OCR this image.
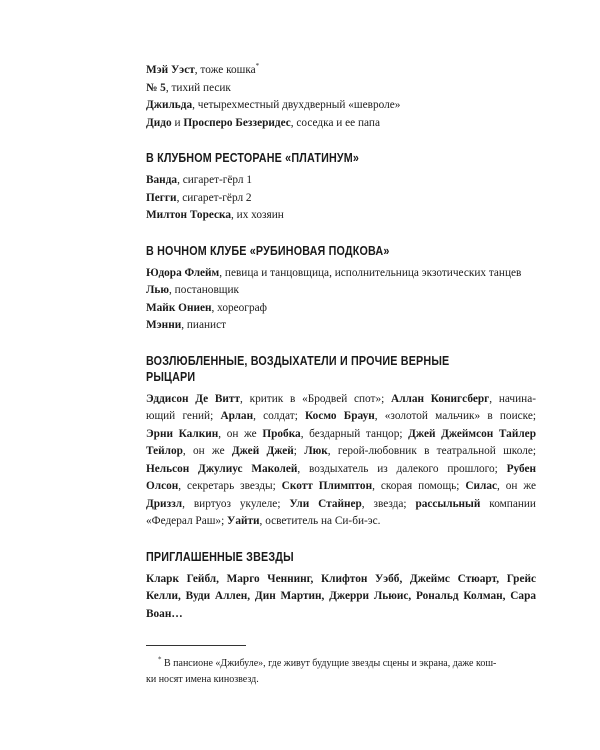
Мэй Уэст, тоже кошка*

№ 5, тихий песик

Джильда, четырехместный двухдверный «шевроле»

Дидо и Просперо Беззеридес, соседка и ее папа

В КЛУБНОМ РЕСТОРАНЕ «ПЛАТИНУМ»

Ванда, сигарет-гёрл 1

Пегги, сигарет-гёрл 2

Милтон Тореска, их хозяин

В НОЧНОМ КЛУБЕ «РУБИНОВАЯ ПОДКОВА»

Юдора Флейм, певица и танцовщица, исполнительница экзотических танцев

Лью, постановщик

Майк Ониен, хореограф

Мэнни, пианист

ВОЗЛЮБЛЕННЫЕ, ВОЗДЫХАТЕЛИ И ПРОЧИЕ ВЕРНЫЕ РЫЦАРИ
Эддисон Де Витт, критик в «Бродвей спот»; Аллан Конигсберг, начина-
ющий гений; Арлан, солдат; Космо Браун, «золотой мальчик» в поиске;
Эрни Калкин, он же Пробка, бездарный танцор; Джей Джеймсон Тайлер
Тейлор, он же Джей Джей; Люк, герой-любовник в театральной школе;
Нельсон Джулиус Маколей, воздыхатель из далекого прошлого; Рубен
Олсон, секретарь звезды; Скотт Плимптон, скорая помощь; Силас, он же
Дриззл, виртуоз укулеле; Ули Стайнер, звезда; рассыльный компании
«Федерал Раш»; Уайти, осветитель на Си-би-эс.
ПРИГЛАШЕННЫЕ ЗВЕЗДЫ
Кларк Гейбл, Марго Ченнинг, Клифтон Уэбб, Джеймс Стюарт, Грейс
Келли, Вуди Аллен, Дин Мартин, Джерри Льюис, Рональд Колман, Сара
Воан…
* В пансионе «Джибуле», где живут будущие звезды сцены и экрана, даже кош-
ки носят имена кинозвезд.
